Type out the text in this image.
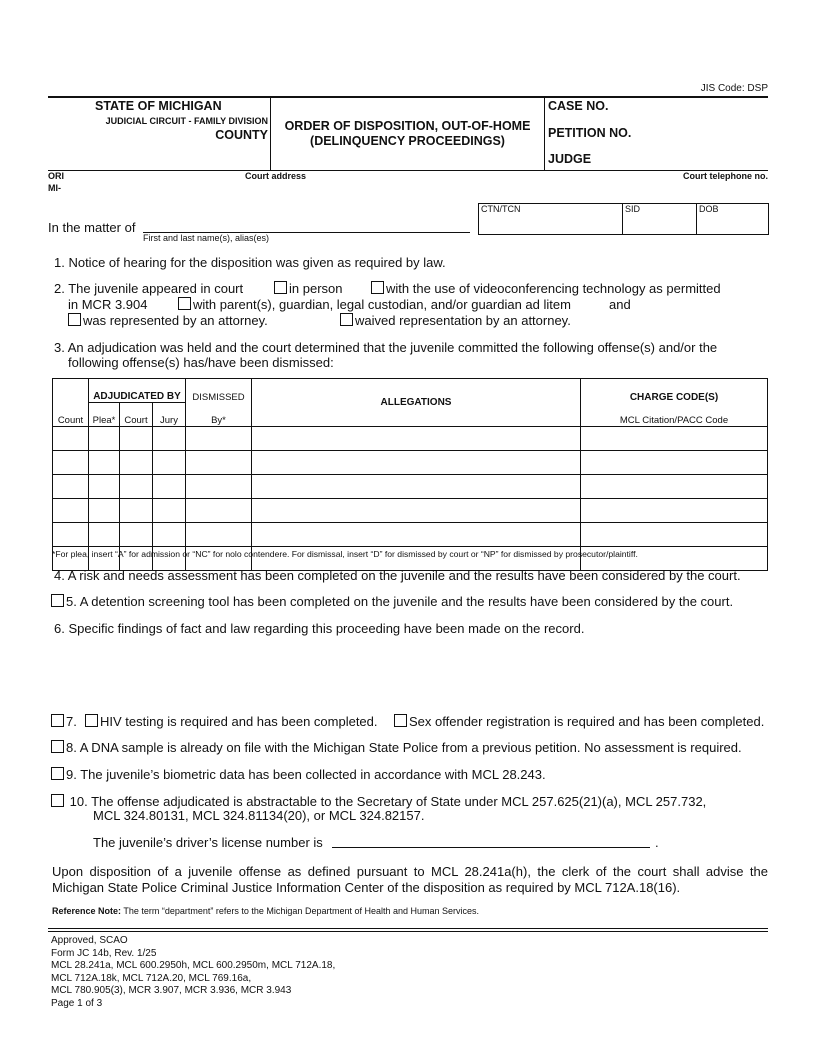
JIS Code: DSP
STATE OF MICHIGAN
JUDICIAL CIRCUIT - FAMILY DIVISION
COUNTY
ORDER OF DISPOSITION, OUT-OF-HOME
(DELINQUENCY PROCEEDINGS)
CASE NO.
PETITION NO.
JUDGE
ORI
MI-
Court address	Court telephone no.
CTN/TCN	SID	DOB
In the matter of
First and last name(s), alias(es)
1. Notice of hearing for the disposition was given as required by law.
2. The juvenile appeared in court	in person	with the use of videoconferencing technology as permitted
in MCR 3.904	with parent(s), guardian, legal custodian, and/or guardian ad litem	and
was represented by an attorney.	waived representation by an attorney.
3. An adjudication was held and the court determined that the juvenile committed the following offense(s) and/or the
following offense(s) has/have been dismissed:
Count	ADJUDICATED BY			DISMISSED	ALLEGATIONS	CHARGE CODE(S)
	Plea*	Court	Jury	By*		MCL Citation/PACC Code

*For plea, insert “A” for admission or “NC” for nolo contendere. For dismissal, insert “D” for dismissed by court or “NP” for dismissed by prosecutor/plaintiff.
4. A risk and needs assessment has been completed on the juvenile and the results have been considered by the court.
5. A detention screening tool has been completed on the juvenile and the results have been considered by the court.
6. Specific findings of fact and law regarding this proceeding have been made on the record.
7.	HIV testing is required and has been completed.	Sex offender registration is required and has been completed.
8. A DNA sample is already on file with the Michigan State Police from a previous petition. No assessment is required.
9. The juvenile’s biometric data has been collected in accordance with MCL 28.243.
10. The offense adjudicated is abstractable to the Secretary of State under MCL 257.625(21)(a), MCL 257.732,
MCL 324.80131, MCL 324.81134(20), or MCL 324.82157.
The juvenile’s driver’s license number is	.
Upon disposition of a juvenile offense as defined pursuant to MCL 28.241a(h), the clerk of the court shall advise the
Michigan State Police Criminal Justice Information Center of the disposition as required by MCL 712A.18(16).
Reference Note: The term “department” refers to the Michigan Department of Health and Human Services.
Approved, SCAO
Form JC 14b, Rev. 1/25
MCL 28.241a, MCL 600.2950h, MCL 600.2950m, MCL 712A.18,
MCL 712A.18k, MCL 712A.20, MCL 769.16a,
MCL 780.905(3), MCR 3.907, MCR 3.936, MCR 3.943
Page 1 of 3
